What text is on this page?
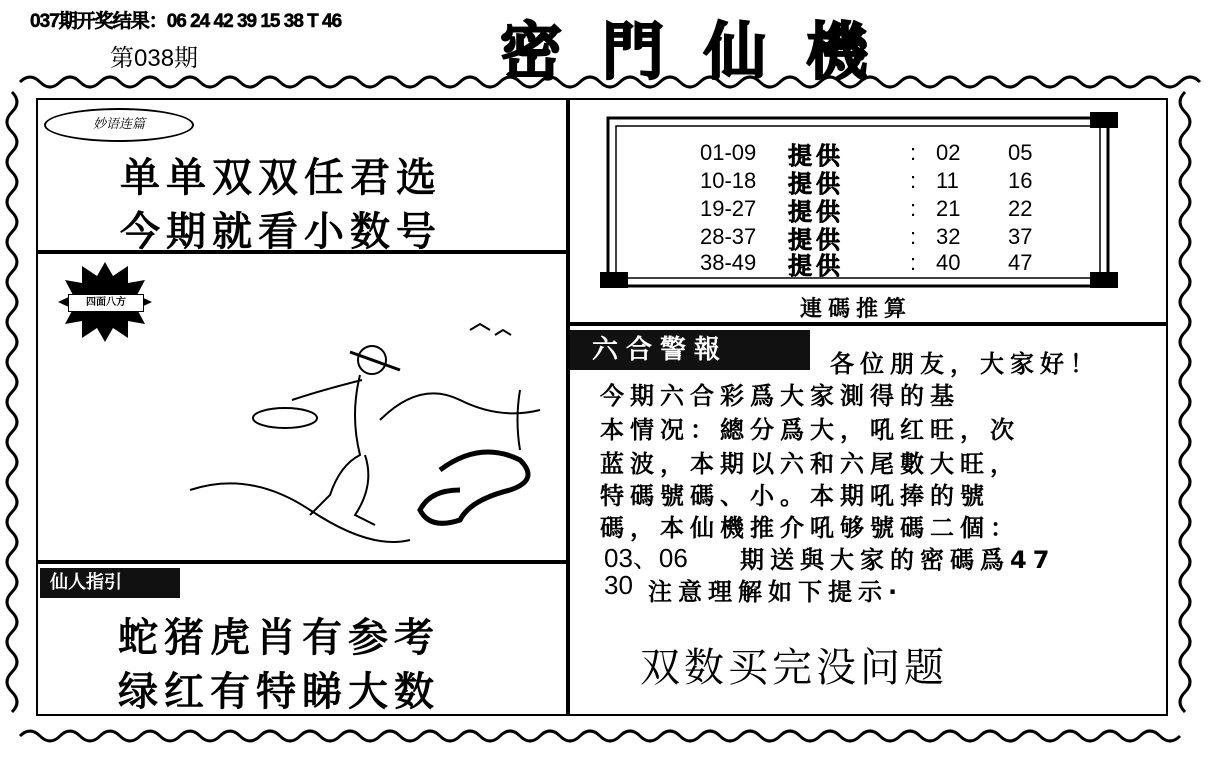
037期开奖结果：06 24 42 39 15 38 T 46
第038期	密門仙機
妙语连篇
单单双双任君选
今期就看小数号
四面八方
仙人指引
蛇猪虎肖有参考
绿红有特睇大数
01-09 提供	: 02 05
10-18 提供	: 11 16
19-27 提供	: 21 22
28-37 提供	: 32 37
38-49 提供	: 40 47
連碼推算
六合警報	各位朋友，大家好！
今期六合彩爲大家測得的基
本情况：總分爲大，吼红旺，次
蓝波，本期以六和六尾數大旺，
特碼號碼、小。本期吼捧的號
碼，本仙機推介吼够號碼二個：
03、06 期送與大家的密碼爲47
30 注意理解如下提示·
双数买完没问题
